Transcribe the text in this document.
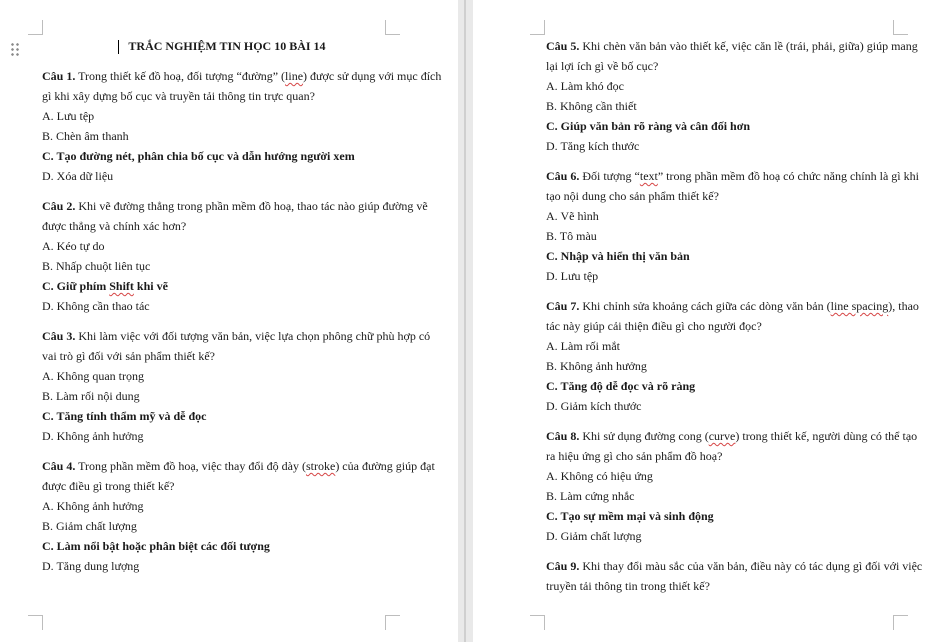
TRẮC NGHIỆM TIN HỌC 10 BÀI 14

Câu 1. Trong thiết kế đồ hoạ, đối tượng “đường” (line) được sử dụng với mục đích gì khi xây dựng bố cục và truyền tải thông tin trực quan?

A. Lưu tệp

B. Chèn âm thanh

C. Tạo đường nét, phân chia bố cục và dẫn hướng người xem

D. Xóa dữ liệu

Câu 2. Khi vẽ đường thẳng trong phần mềm đồ hoạ, thao tác nào giúp đường vẽ được thẳng và chính xác hơn?

A. Kéo tự do

B. Nhấp chuột liên tục

C. Giữ phím Shift khi vẽ

D. Không cần thao tác

Câu 3. Khi làm việc với đối tượng văn bản, việc lựa chọn phông chữ phù hợp có vai trò gì đối với sản phẩm thiết kế?

A. Không quan trọng

B. Làm rối nội dung

C. Tăng tính thẩm mỹ và dễ đọc

D. Không ảnh hưởng

Câu 4. Trong phần mềm đồ hoạ, việc thay đổi độ dày (stroke) của đường giúp đạt được điều gì trong thiết kế?

A. Không ảnh hưởng

B. Giảm chất lượng

C. Làm nổi bật hoặc phân biệt các đối tượng

D. Tăng dung lượng

Câu 5. Khi chèn văn bản vào thiết kế, việc căn lề (trái, phải, giữa) giúp mang lại lợi ích gì về bố cục?

A. Làm khó đọc

B. Không cần thiết

C. Giúp văn bản rõ ràng và cân đối hơn

D. Tăng kích thước

Câu 6. Đối tượng “text” trong phần mềm đồ hoạ có chức năng chính là gì khi tạo nội dung cho sản phẩm thiết kế?

A. Vẽ hình

B. Tô màu

C. Nhập và hiển thị văn bản

D. Lưu tệp

Câu 7. Khi chỉnh sửa khoảng cách giữa các dòng văn bản (line spacing), thao tác này giúp cải thiện điều gì cho người đọc?

A. Làm rối mắt

B. Không ảnh hưởng

C. Tăng độ dễ đọc và rõ ràng

D. Giảm kích thước

Câu 8. Khi sử dụng đường cong (curve) trong thiết kế, người dùng có thể tạo ra hiệu ứng gì cho sản phẩm đồ hoạ?

A. Không có hiệu ứng

B. Làm cứng nhắc

C. Tạo sự mềm mại và sinh động

D. Giảm chất lượng

Câu 9. Khi thay đổi màu sắc của văn bản, điều này có tác dụng gì đối với việc truyền tải thông tin trong thiết kế?
